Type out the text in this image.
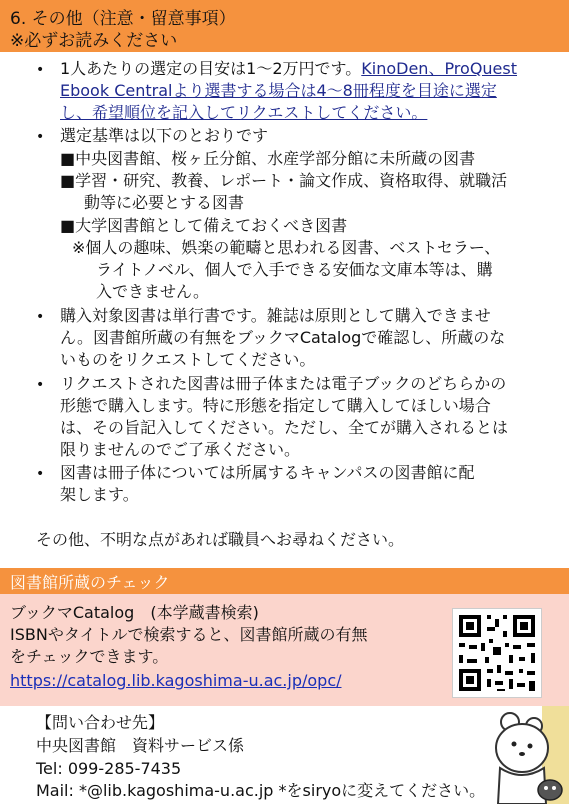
6. その他（注意・留意事項）
※必ずお読みください
• 1人あたりの選定の目安は1～2万円です。KinoDen、ProQuest
Ebook Centralより選書する場合は4～8冊程度を目途に選定
し、希望順位を記入してリクエストしてください。
• 選定基準は以下のとおりです
■中央図書館、桜ヶ丘分館、水産学部分館に未所蔵の図書
■学習・研究、教養、レポート・論文作成、資格取得、就職活
動等に必要とする図書
■大学図書館として備えておくべき図書
※個人の趣味、娯楽の範疇と思われる図書、ベストセラー、
ライトノベル、個人で入手できる安価な文庫本等は、購
入できません。
• 購入対象図書は単行書です。雑誌は原則として購入できませ
ん。図書館所蔵の有無をブックマCatalogで確認し、所蔵のな
いものをリクエストしてください。
• リクエストされた図書は冊子体または電子ブックのどちらかの
形態で購入します。特に形態を指定して購入してほしい場合
は、その旨記入してください。ただし、全てが購入されるとは
限りませんのでご了承ください。
• 図書は冊子体については所属するキャンパスの図書館に配
架します。
その他、不明な点があれば職員へお尋ねください。
図書館所蔵のチェック
ブックマCatalog　(本学蔵書検索)
ISBNやタイトルで検索すると、図書館所蔵の有無
をチェックできます。
https://catalog.lib.kagoshima-u.ac.jp/opc/
【問い合わせ先】
中央図書館　資料サービス係
Tel: 099-285-7435
Mail: *@lib.kagoshima-u.ac.jp *をsiryoに変えてください。
